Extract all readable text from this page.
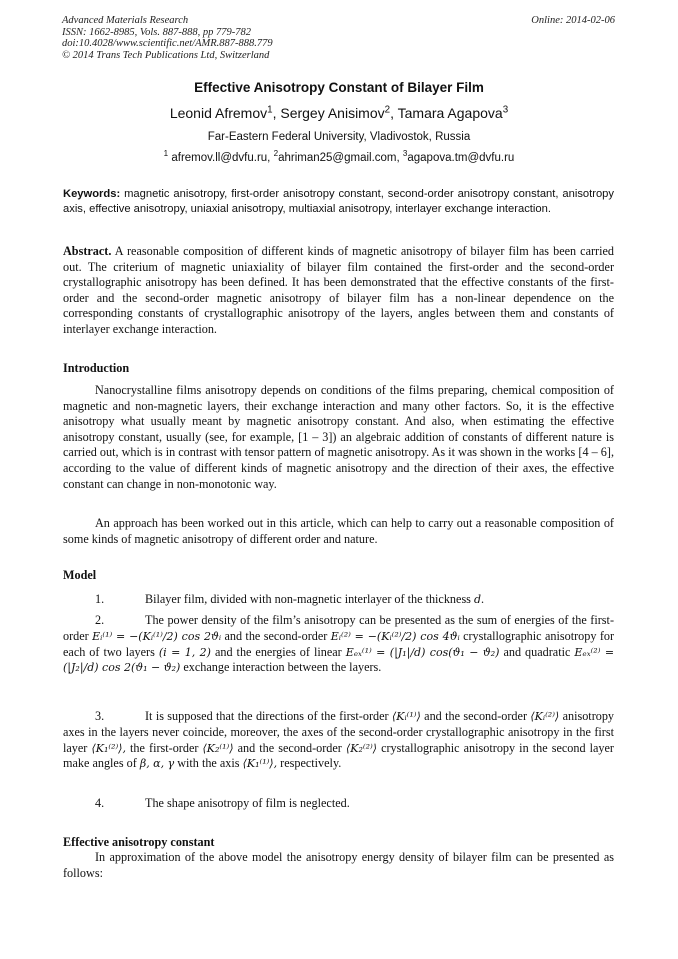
Advanced Materials Research
ISSN: 1662-8985, Vols. 887-888, pp 779-782
doi:10.4028/www.scientific.net/AMR.887-888.779
© 2014 Trans Tech Publications Ltd, Switzerland
Online: 2014-02-06
Effective Anisotropy Constant of Bilayer Film
Leonid Afremov$^1$, Sergey Anisimov$^2$, Tamara Agapova$^3$
Far-Eastern Federal University, Vladivostok, Russia
$^1$ afremov.ll@dvfu.ru, $^2$ahriman25@gmail.com, $^3$agapova.tm@dvfu.ru
Keywords: magnetic anisotropy, first-order anisotropy constant, second-order anisotropy constant, anisotropy axis, effective anisotropy, uniaxial anisotropy, multiaxial anisotropy, interlayer exchange interaction.
Abstract. A reasonable composition of different kinds of magnetic anisotropy of bilayer film has been carried out. The criterium of magnetic uniaxiality of bilayer film contained the first-order and the second-order crystallographic anisotropy has been defined. It has been demonstrated that the effective constants of the first-order and the second-order magnetic anisotropy of bilayer film has a non-linear dependence on the corresponding constants of crystallographic anisotropy of the layers, angles between them and constants of interlayer exchange interaction.
Introduction
Nanocrystalline films anisotropy depends on conditions of the films preparing, chemical composition of magnetic and non-magnetic layers, their exchange interaction and many other factors. So, it is the effective anisotropy what usually meant by magnetic anisotropy constant. And also, when estimating the effective anisotropy constant, usually (see, for example, [1 – 3]) an algebraic addition of constants of different nature is carried out, which is in contrast with tensor pattern of magnetic anisotropy. As it was shown in the works [4 – 6], according to the value of different kinds of magnetic anisotropy and the direction of their axes, the effective constant can change in non-monotonic way.
An approach has been worked out in this article, which can help to carry out a reasonable composition of some kinds of magnetic anisotropy of different order and nature.
Model
1.	Bilayer film, divided with non-magnetic interlayer of the thickness d.
2.	The power density of the film’s anisotropy can be presented as the sum of energies of the first-order Eᵢ⁽¹⁾ = −(Kᵢ⁽¹⁾/2) cos 2ϑᵢ and the second-order Eᵢ⁽²⁾ = −(Kᵢ⁽²⁾/2) cos 4ϑᵢ crystallographic anisotropy for each of two layers (i = 1, 2) and the energies of linear Eₑₓ⁽¹⁾ = (|J₁|/d) cos(ϑ₁ − ϑ₂) and quadratic Eₑₓ⁽²⁾ = (|J₂|/d) cos 2(ϑ₁ − ϑ₂) exchange interaction between the layers.
3.	It is supposed that the directions of the first-order ⟨Kᵢ⁽¹⁾⟩ and the second-order ⟨Kᵢ⁽²⁾⟩ anisotropy axes in the layers never coincide, moreover, the axes of the second-order crystallographic anisotropy in the first layer ⟨K₁⁽²⁾⟩, the first-order ⟨K₂⁽¹⁾⟩ and the second-order ⟨K₂⁽²⁾⟩ crystallographic anisotropy in the second layer make angles of β, α, γ with the axis ⟨K₁⁽¹⁾⟩, respectively.
4.	The shape anisotropy of film is neglected.
Effective anisotropy constant
In approximation of the above model the anisotropy energy density of bilayer film can be presented as follows:
